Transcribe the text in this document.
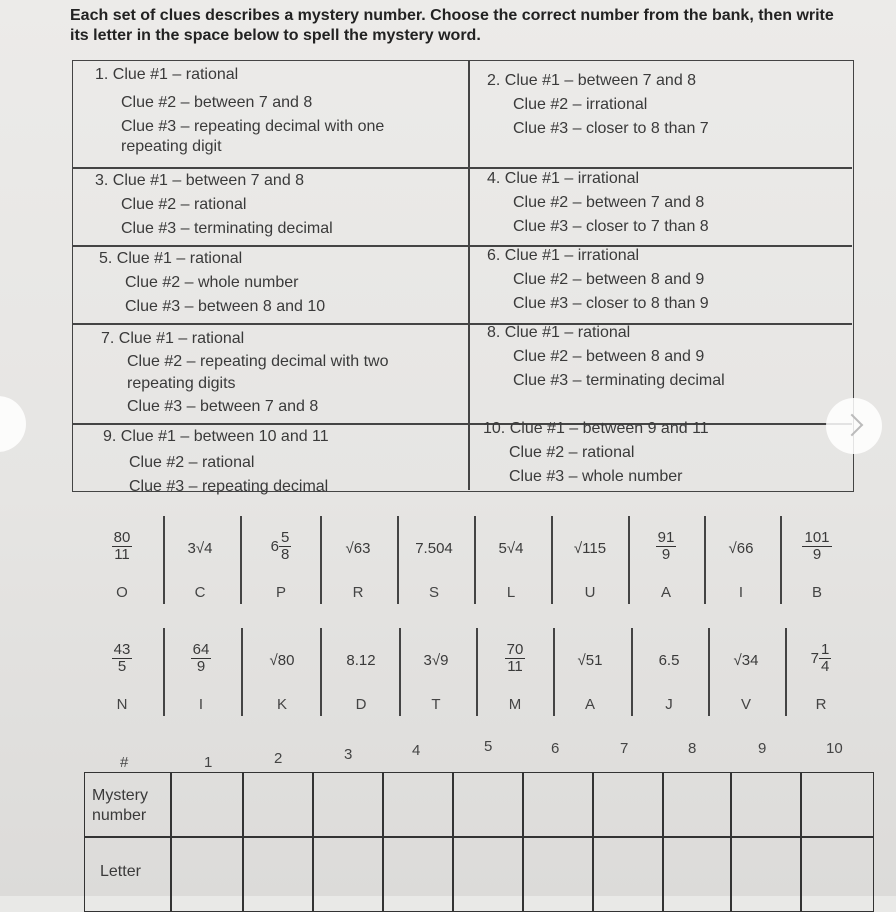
Each set of clues describes a mystery number. Choose the correct number from the bank, then write its letter in the space below to spell the mystery word.
1. Clue #1 – rational
Clue #2 – between 7 and 8
Clue #3 – repeating decimal with one repeating digit
2. Clue #1 – between 7 and 8
Clue #2 – irrational
Clue #3 – closer to 8 than 7
3. Clue #1 – between 7 and 8
Clue #2 – rational
Clue #3 – terminating decimal
4. Clue #1 – irrational
Clue #2 – between 7 and 8
Clue #3 – closer to 7 than 8
5. Clue #1 – rational
Clue #2 – whole number
Clue #3 – between 8 and 10
6. Clue #1 – irrational
Clue #2 – between 8 and 9
Clue #3 – closer to 8 than 9
7. Clue #1 – rational
Clue #2 – repeating decimal with two repeating digits
Clue #3 – between 7 and 8
8. Clue #1 – rational
Clue #2 – between 8 and 9
Clue #3 – terminating decimal
9. Clue #1 – between 10 and 11
Clue #2 – rational
Clue #3 – repeating decimal
10. Clue #1 – between 9 and 11
Clue #2 – rational
Clue #3 – whole number
$\frac{80}{11}$
O
3√4
C
$6 \frac{5}{8}$
P
√63
R
7.504
S
5√4
L
√115
U
$\frac{91}{9}$
A
√66
I
$\frac{101}{9}$
B
$\frac{43}{5}$
N
$\frac{64}{9}$
I
√80
K
8.12
D
3√9
T
$\frac{70}{11}$
M
√51
A
6.5
J
√34
V
$7 \frac{1}{4}$
R
#	1	2	3	4	5	6	7	8	9	10
Mystery number
Letter
